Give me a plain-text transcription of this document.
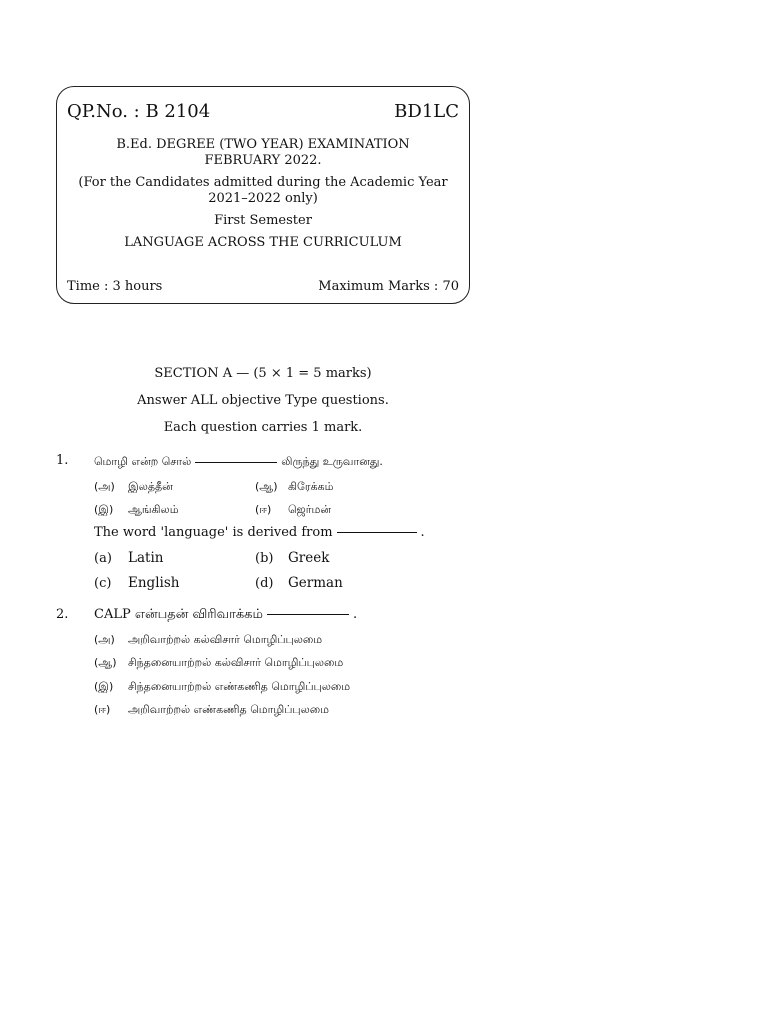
QP.No. : B 2104	BD1LC
B.Ed. DEGREE (TWO YEAR) EXAMINATION
FEBRUARY 2022.
(For the Candidates admitted during the Academic Year
2021–2022 only)
First Semester
LANGUAGE ACROSS THE CURRICULUM
Time : 3 hours	Maximum Marks : 70
SECTION A — (5 × 1 = 5 marks)
Answer ALL objective Type questions.
Each question carries 1 mark.
1. மொழி என்ற சொல்	லிருந்து உருவானது.
(அ) இலத்தீன்	(ஆ) கிரேக்கம்
(இ) ஆங்கிலம்	(ஈ) ஜெர்மன்
The word 'language' is derived from	.
(a) Latin	(b) Greek
(c) English	(d) German
2. CALP என்பதன் விரிவாக்கம்	.
(அ) அறிவாற்றல் கல்விசார் மொழிப்புலமை
(ஆ) சிந்தனையாற்றல் கல்விசார் மொழிப்புலமை
(இ) சிந்தனையாற்றல் எண்கணித மொழிப்புலமை
(ஈ) அறிவாற்றல் எண்கணித மொழிப்புலமை
